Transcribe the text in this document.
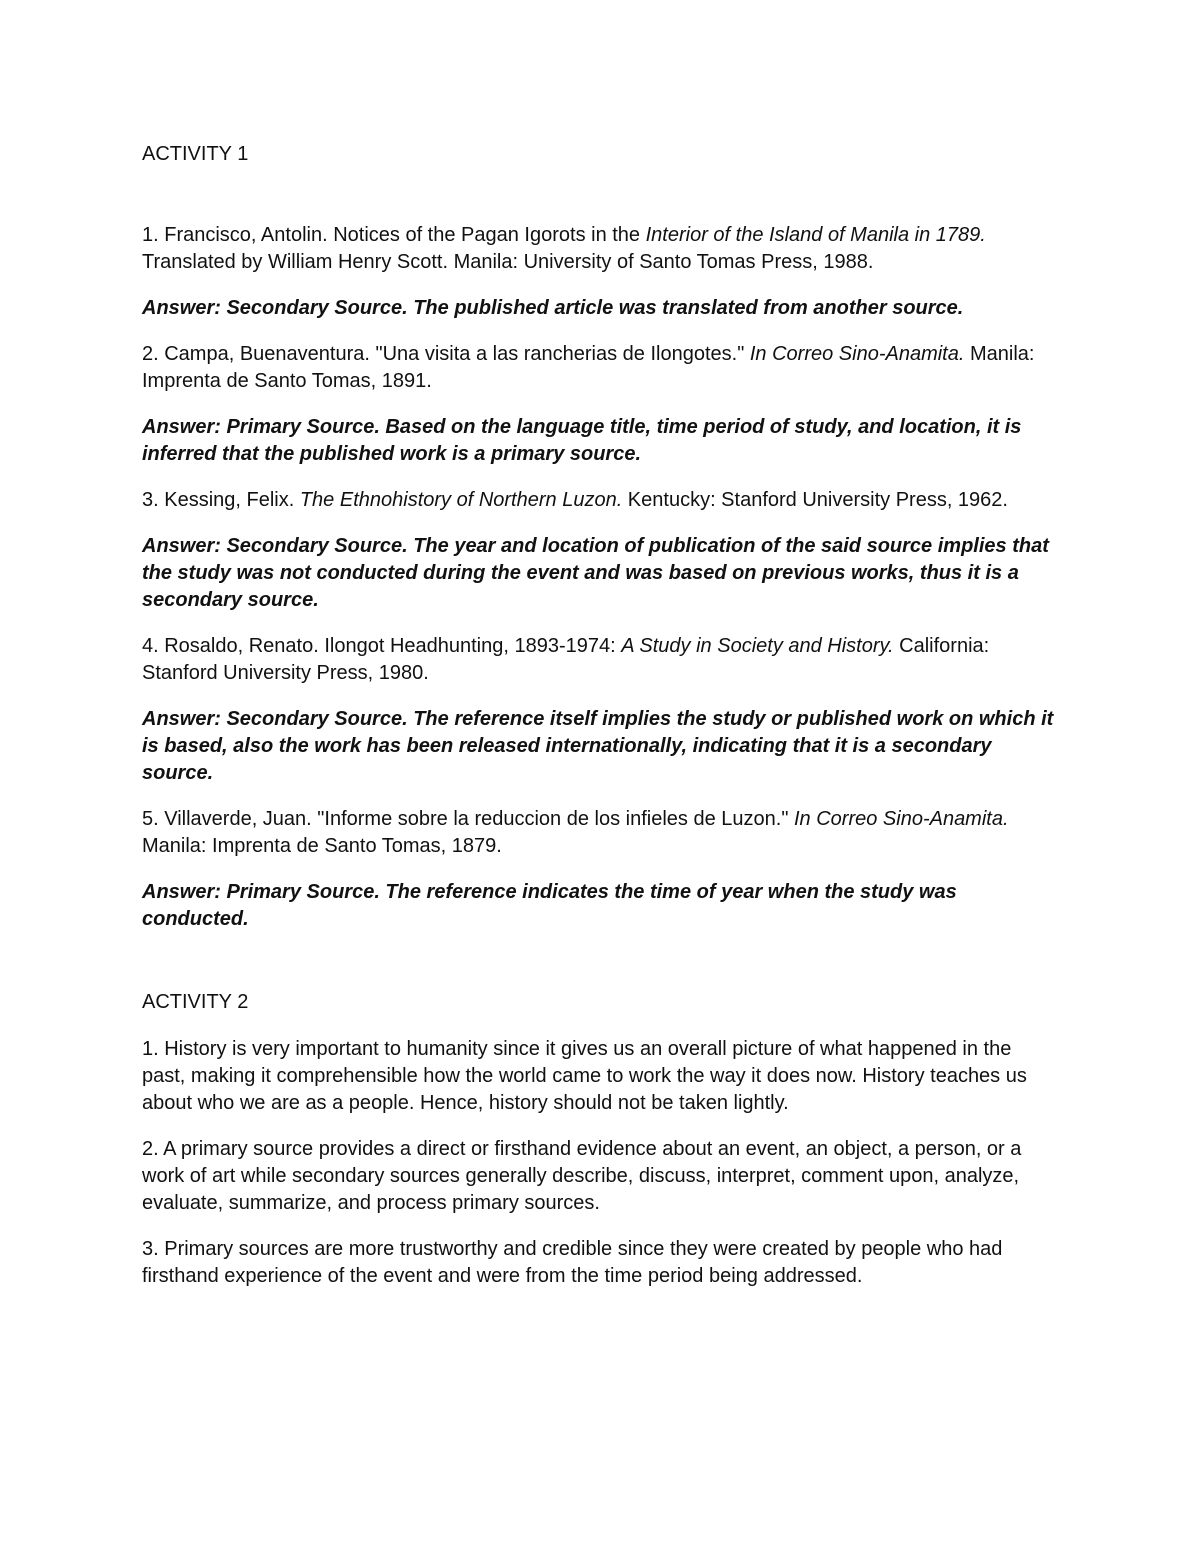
ACTIVITY 1

1. Francisco, Antolin. Notices of the Pagan Igorots in the Interior of the Island of Manila in 1789. Translated by William Henry Scott. Manila: University of Santo Tomas Press, 1988.

Answer: Secondary Source. The published article was translated from another source.

2. Campa, Buenaventura. "Una visita a las rancherias de Ilongotes." In Correo Sino-Anamita. Manila: Imprenta de Santo Tomas, 1891.

Answer: Primary Source. Based on the language title, time period of study, and location, it is inferred that the published work is a primary source.

3. Kessing, Felix. The Ethnohistory of Northern Luzon. Kentucky: Stanford University Press, 1962.

Answer: Secondary Source. The year and location of publication of the said source implies that the study was not conducted during the event and was based on previous works, thus it is a secondary source.

4. Rosaldo, Renato. Ilongot Headhunting, 1893-1974: A Study in Society and History. California: Stanford University Press, 1980.

Answer: Secondary Source. The reference itself implies the study or published work on which it is based, also the work has been released internationally, indicating that it is a secondary source.

5. Villaverde, Juan. "Informe sobre la reduccion de los infieles de Luzon." In Correo Sino-Anamita. Manila: Imprenta de Santo Tomas, 1879.

Answer: Primary Source. The reference indicates the time of year when the study was conducted.

ACTIVITY 2

1. History is very important to humanity since it gives us an overall picture of what happened in the past, making it comprehensible how the world came to work the way it does now. History teaches us about who we are as a people. Hence, history should not be taken lightly.

2. A primary source provides a direct or firsthand evidence about an event, an object, a person, or a work of art while secondary sources generally describe, discuss, interpret, comment upon, analyze, evaluate, summarize, and process primary sources.

3. Primary sources are more trustworthy and credible since they were created by people who had firsthand experience of the event and were from the time period being addressed.
